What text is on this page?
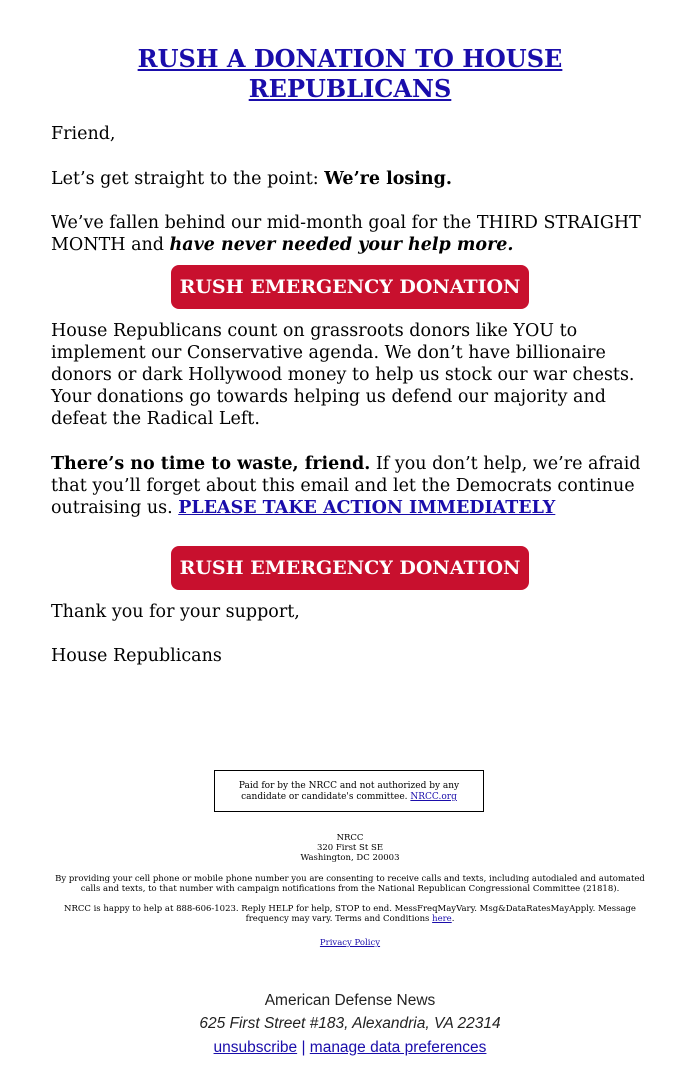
RUSH A DONATION TO HOUSE
REPUBLICANS
Friend,
Let’s get straight to the point: We’re losing.
We’ve fallen behind our mid-month goal for the THIRD STRAIGHT MONTH and have never needed your help more.
RUSH EMERGENCY DONATION
House Republicans count on grassroots donors like YOU to implement our Conservative agenda. We don’t have billionaire donors or dark Hollywood money to help us stock our war chests. Your donations go towards helping us defend our majority and defeat the Radical Left.
There’s no time to waste, friend. If you don’t help, we’re afraid that you’ll forget about this email and let the Democrats continue outraising us. PLEASE TAKE ACTION IMMEDIATELY
RUSH EMERGENCY DONATION
Thank you for your support,
House Republicans
Paid for by the NRCC and not authorized by any candidate or candidate's committee. NRCC.org
NRCC
320 First St SE
Washington, DC 20003
By providing your cell phone or mobile phone number you are consenting to receive calls and texts, including autodialed and automated calls and texts, to that number with campaign notifications from the National Republican Congressional Committee (21818).
NRCC is happy to help at 888-606-1023. Reply HELP for help, STOP to end. MessFreqMayVary. Msg&DataRatesMayApply. Message frequency may vary. Terms and Conditions here.
Privacy Policy
American Defense News
625 First Street #183, Alexandria, VA 22314
unsubscribe | manage data preferences
